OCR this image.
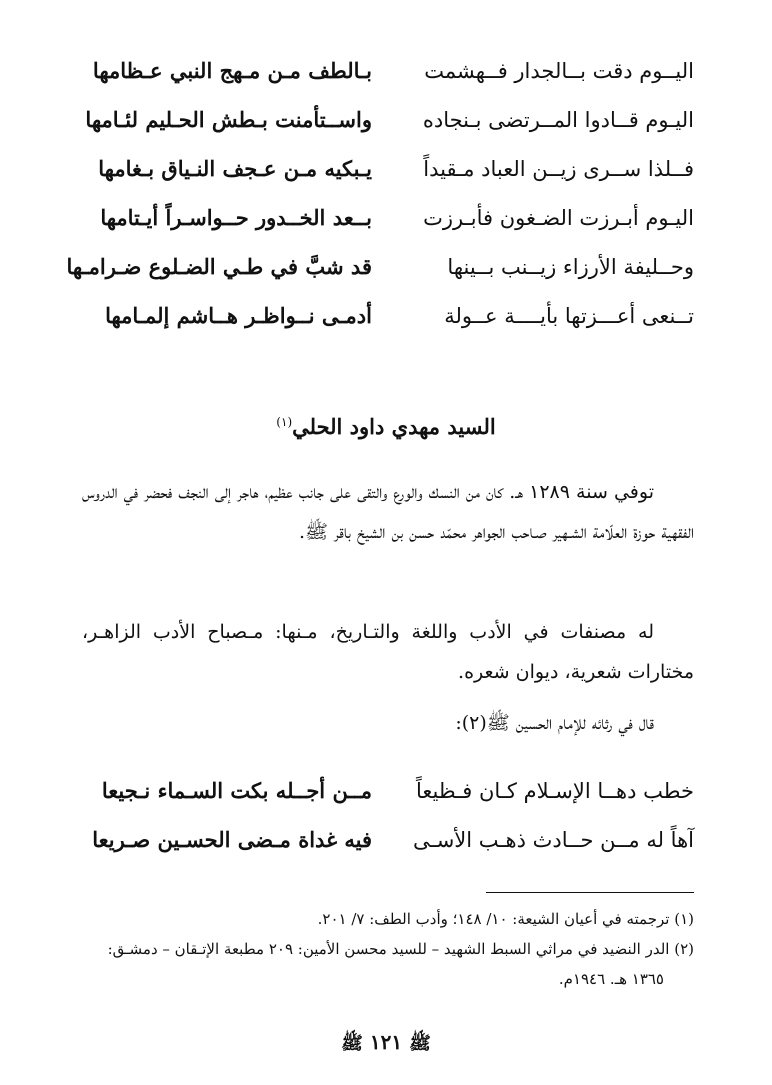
اليــوم دقت بــالجدار فــهشمت
بـالطف مـن مـهج النبي عـظامها
اليـوم قــادوا المــرتضى بـنجاده
واســتأمنت بـطش الحـليم لئـامها
فــلذا ســرى زيــن العباد مـقيداً
يـبكيه مـن عـجف النـياق بـغامها
اليـوم أبـرزت الضـغون فأبـرزت
بــعد الخــدور حــواسـراً أيـتامها
وحــليفة الأرزاء زيــنب بــينها
قد شبَّ في طـي الضـلوع ضـرامـها
تــنعى أعـــزتها بأيــــة عــولة
أدمـى نــواظـر هــاشم إلمـامها
السيد مهدي داود الحلي$^{(١)}$

توفي سنة ١٢٨٩ هـ. كان من النسك والورع والتقى على جانب عظيم، هاجر إلى النجف فحضر في الدروس الفقهية حوزة العلّامة الشـهير صـاحب الجواهر محمّد حسن بن الشيخ باقر ﷺ.

له مصنفات في الأدب واللغة والتـاريخ، مـنها: مـصباح الأدب الزاهـر، مختارات شعرية، ديوان شعره.

قال في رثائه للإمام الحسين ﷺ(٢):

خطب دهــا الإسـلام كـان فـظيعاً
مــن أجــله بكت السـماء نـجيعا
آهاً له مــن حــادث ذهـب الأسـى
فيه غداة مـضى الحسـين صـريعا

(١) ترجمته في أعيان الشيعة: ١٠/ ١٤٨؛ وأدب الطف: ٧/ ٢٠١.

(٢) الدر النضيد في مراثي السبط الشهيد – للسيد محسن الأمين: ٢٠٩ مطبعة الإتـقان – دمشـق:

١٣٦٥ هـ. ١٩٤٦م.

ﷺ ١٢١ ﷺ
